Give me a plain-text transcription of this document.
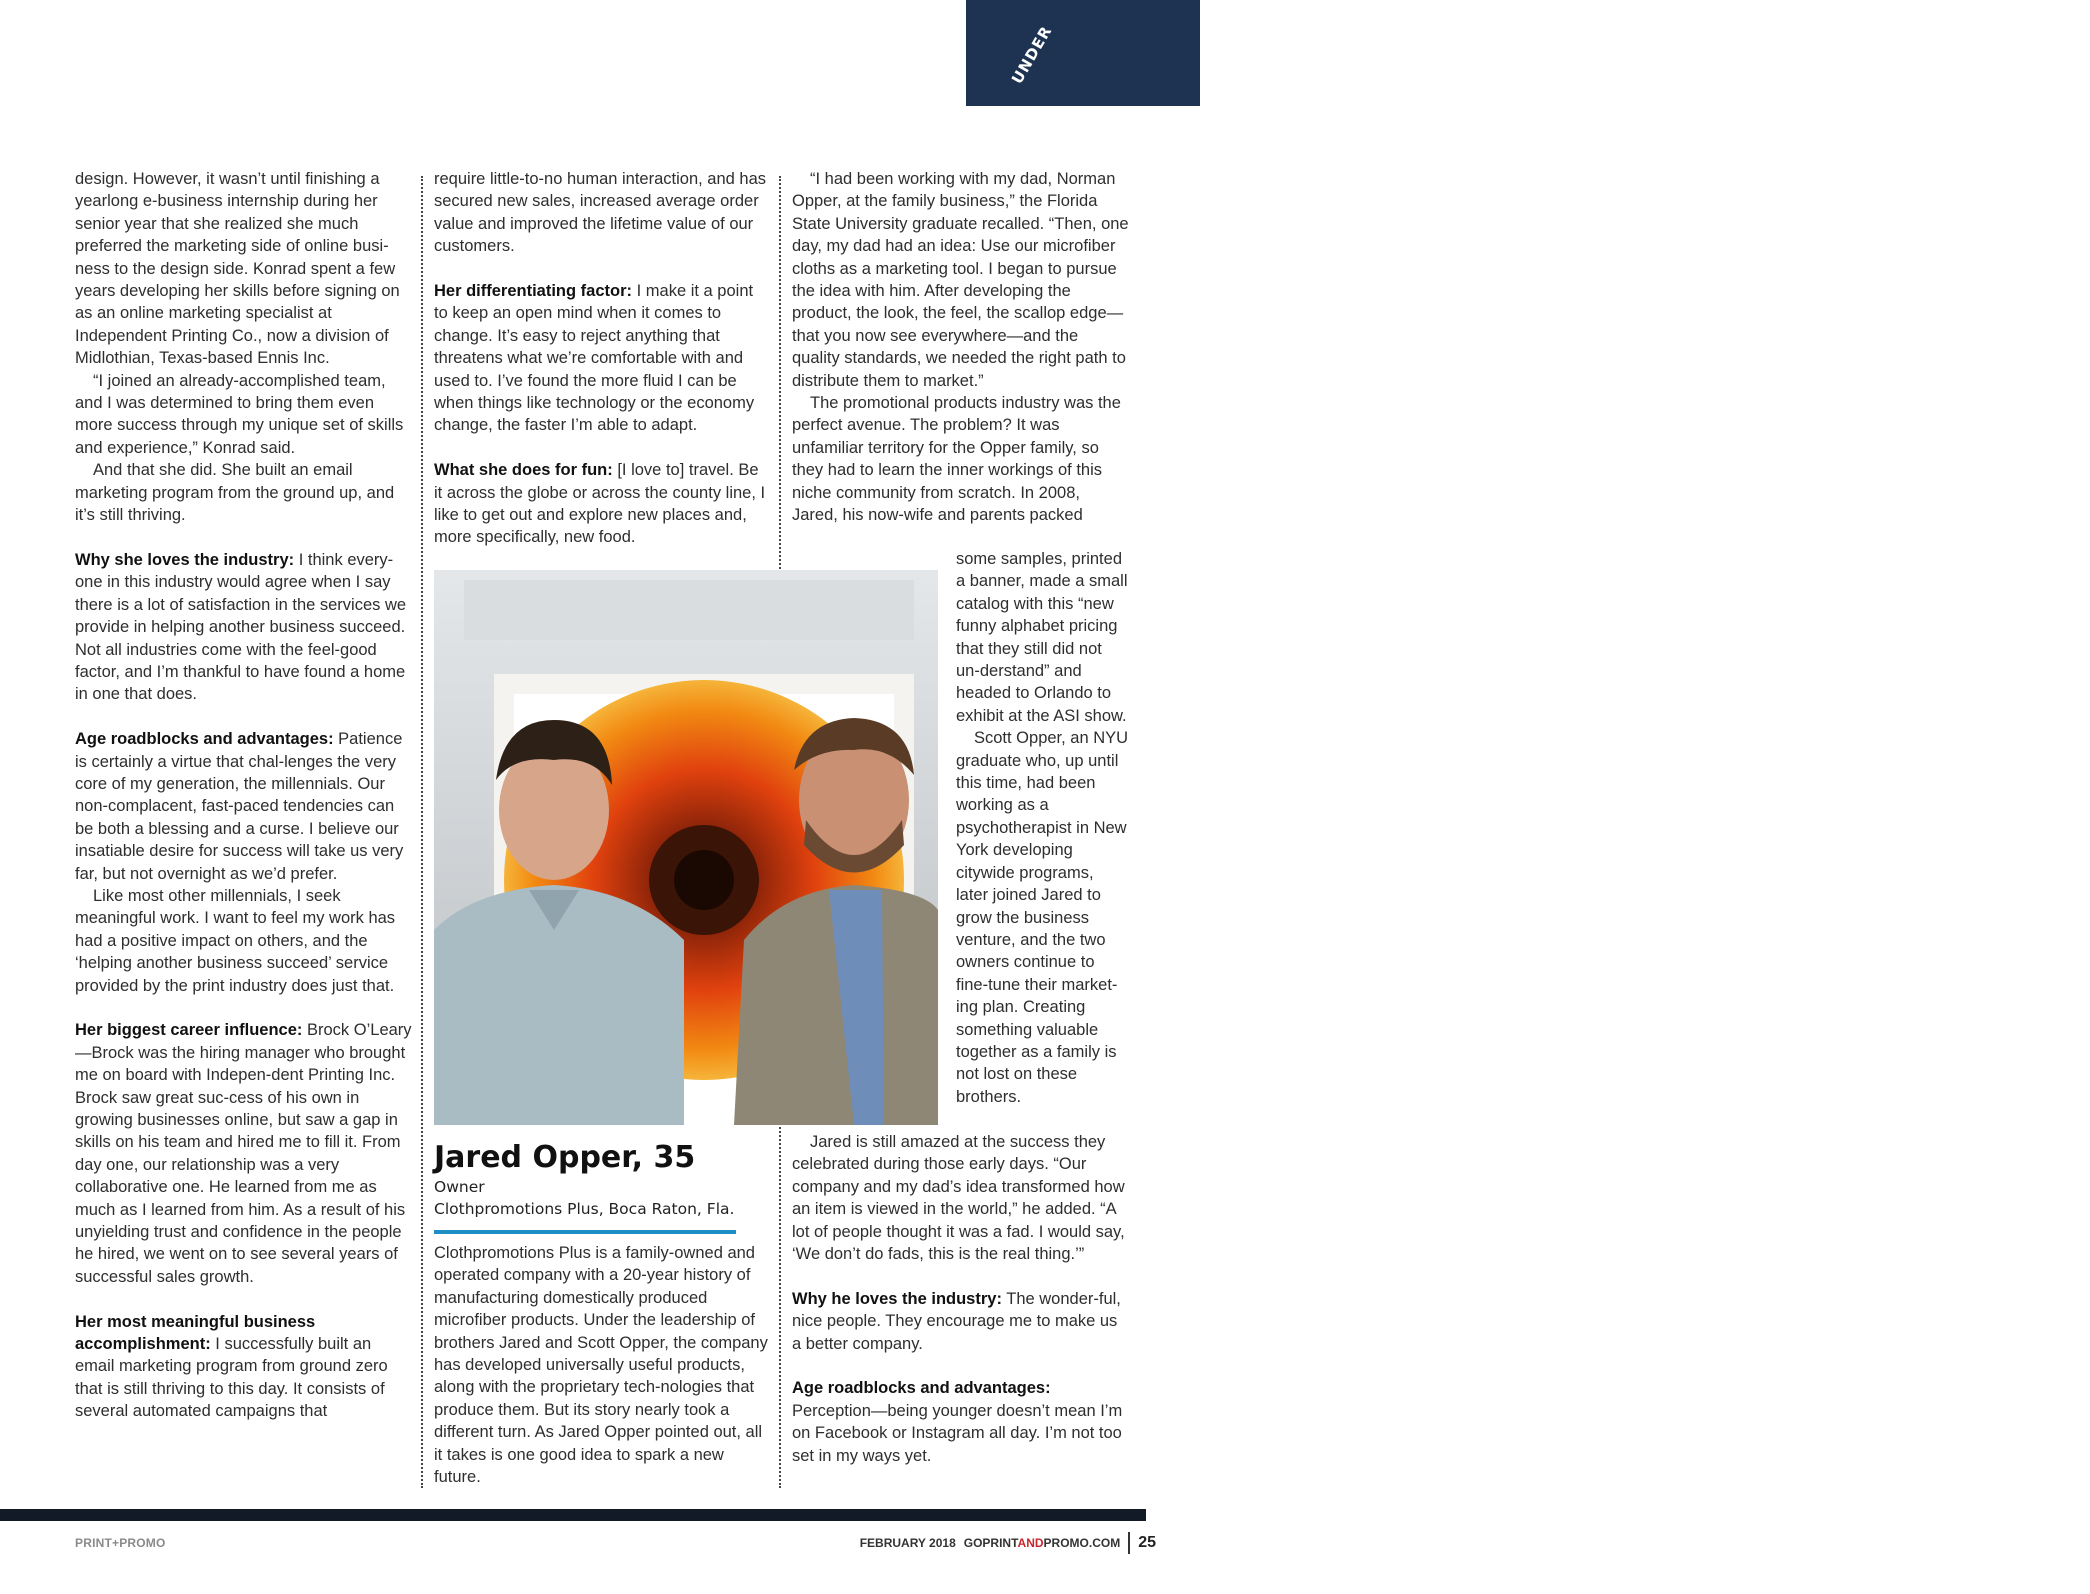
40
UNDER

design. However, it wasn’t until finishing a yearlong e-business internship during her senior year that she realized she much preferred the marketing side of online busi-ness to the design side. Konrad spent a few years developing her skills before signing on as an online marketing specialist at Independent Printing Co., now a division of Midlothian, Texas-based Ennis Inc.

“I joined an already-accomplished team, and I was determined to bring them even more success through my unique set of skills and experience,” Konrad said.

And that she did. She built an email marketing program from the ground up, and it’s still thriving.

Why she loves the industry: I think every-one in this industry would agree when I say there is a lot of satisfaction in the services we provide in helping another business succeed. Not all industries come with the feel-good factor, and I’m thankful to have found a home in one that does.

Age roadblocks and advantages: Patience is certainly a virtue that chal-lenges the very core of my generation, the millennials. Our non-complacent, fast-paced tendencies can be both a blessing and a curse. I believe our insatiable desire for success will take us very far, but not overnight as we’d prefer.

Like most other millennials, I seek meaningful work. I want to feel my work has had a positive impact on others, and the ‘helping another business succeed’ service provided by the print industry does just that.

Her biggest career influence: Brock O’Leary—Brock was the hiring manager who brought me on board with Indepen-dent Printing Inc. Brock saw great suc-cess of his own in growing businesses online, but saw a gap in skills on his team and hired me to fill it. From day one, our relationship was a very collaborative one. He learned from me as much as I learned from him. As a result of his unyielding trust and confidence in the people he hired, we went on to see several years of successful sales growth.

Her most meaningful business accomplishment: I successfully built an email marketing program from ground zero that is still thriving to this day. It consists of several automated campaigns that

require little-to-no human interaction, and has secured new sales, increased average order value and improved the lifetime value of our customers.

Her differentiating factor: I make it a point to keep an open mind when it comes to change. It’s easy to reject anything that threatens what we’re comfortable with and used to. I’ve found the more fluid I can be when things like technology or the economy change, the faster I’m able to adapt.

What she does for fun: [I love to] travel. Be it across the globe or across the county line, I like to get out and explore new places and, more specifically, new food.

Jared Opper, 35
Owner
Clothpromotions Plus, Boca Raton, Fla.

Clothpromotions Plus is a family-owned and operated company with a 20-year history of manufacturing domestically produced microfiber products. Under the leadership of brothers Jared and Scott Opper, the company has developed universally useful products, along with the proprietary tech-nologies that produce them. But its story nearly took a different turn. As Jared Opper pointed out, all it takes is one good idea to spark a new future.

“I had been working with my dad, Norman Opper, at the family business,” the Florida State University graduate recalled. “Then, one day, my dad had an idea: Use our microfiber cloths as a marketing tool. I began to pursue the idea with him. After developing the product, the look, the feel, the scallop edge—that you now see everywhere—and the quality standards, we needed the right path to distribute them to market.”

The promotional products industry was the perfect avenue. The problem? It was unfamiliar territory for the Opper family, so they had to learn the inner workings of this niche community from scratch. In 2008, Jared, his now-wife and parents packed

some samples, printed a banner, made a small catalog with this “new funny alphabet pricing that they still did not un-derstand” and headed to Orlando to exhibit at the ASI show.

Scott Opper, an NYU graduate who, up until this time, had been working as a psychotherapist in New York developing citywide programs, later joined Jared to grow the business venture, and the two owners continue to fine-tune their market-ing plan. Creating something valuable together as a family is not lost on these brothers.

Jared is still amazed at the success they celebrated during those early days. “Our company and my dad’s idea transformed how an item is viewed in the world,” he added. “A lot of people thought it was a fad. I would say, ‘We don’t do fads, this is the real thing.’”

Why he loves the industry: The wonder-ful, nice people. They encourage me to make us a better company.

Age roadblocks and advantages: Perception—being younger doesn’t mean I’m on Facebook or Instagram all day. I’m not too set in my ways yet.

PRINT+PROMO	FEBRUARY 2018 GOPRINTANDPROMO.COM 25
